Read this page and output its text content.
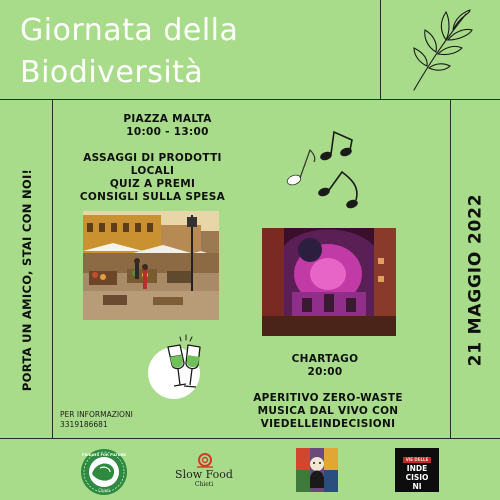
Giornata della
Biodiversità
PORTA UN AMICO, STAI CON NOI!	21 MAGGIO 2022
PIAZZA MALTA
10:00 - 13:00
ASSAGGI DI PRODOTTI
LOCALI
QUIZ A PREMI
CONSIGLI SULLA SPESA
CHARTAGO
20:00
APERITIVO ZERO-WASTE
MUSICA DAL VIVO CON
VIEDELLEINDECISIONI
PER INFORMAZIONI
3319186681
Chieti
FRIDAYS FOR FUTURE
Slow Food
Chieti
VIE DELLE
INDE
CISIO
NI
